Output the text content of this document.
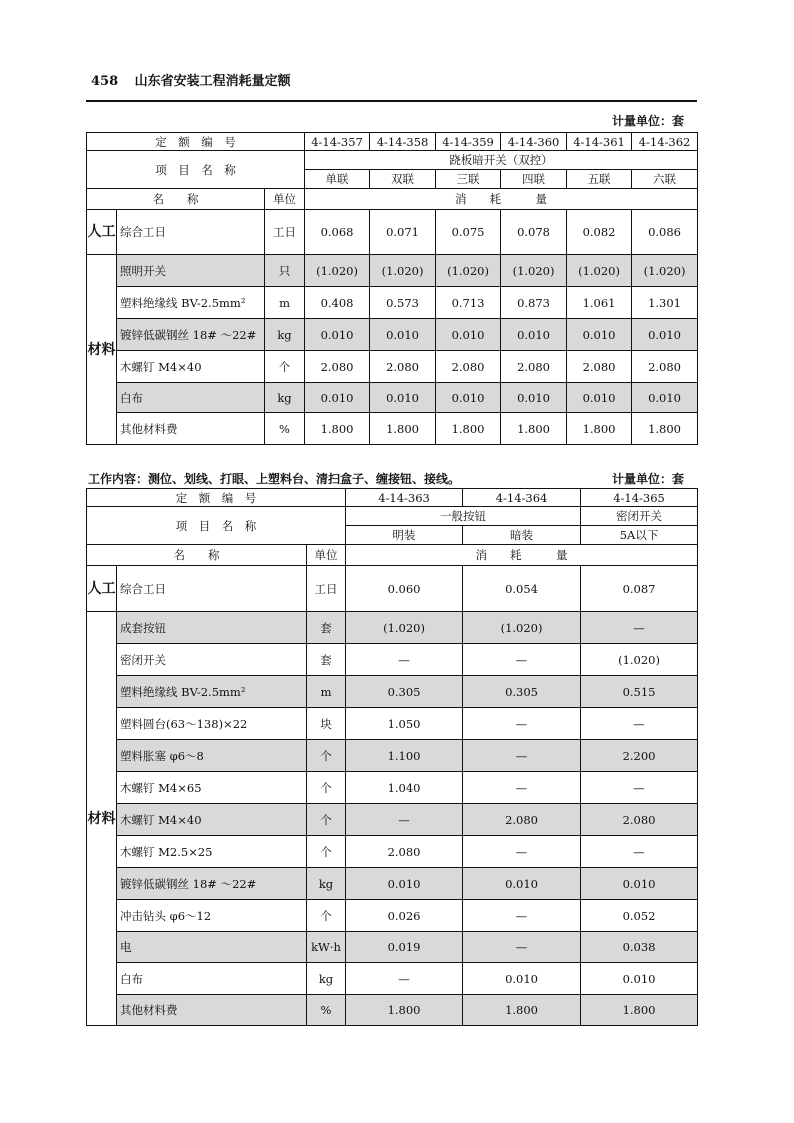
458 山东省安装工程消耗量定额
计量单位：套
定　额　编　号			4-14-357	4-14-358	4-14-359	4-14-360	4-14-361	4-14-362
项　目　名　称			跷板暗开关（双控）					
			单联	双联	三联	四联	五联	六联
名　　称		单位	消　　耗　　　量					
人工	综合工日	工日	0.068	0.071	0.075	0.078	0.082	0.086
材料	照明开关	只	(1.020)	(1.020)	(1.020)	(1.020)	(1.020)	(1.020)
	塑料绝缘线 BV-2.5mm²	m	0.408	0.573	0.713	0.873	1.061	1.301
	镀锌低碳钢丝 18# ～22#	kg	0.010	0.010	0.010	0.010	0.010	0.010
	木螺钉 M4×40	个	2.080	2.080	2.080	2.080	2.080	2.080
	白布	kg	0.010	0.010	0.010	0.010	0.010	0.010
	其他材料费	%	1.800	1.800	1.800	1.800	1.800	1.800
工作内容：测位、划线、打眼、上塑料台、清扫盒子、缠接钮、接线。	计量单位：套
定　额　编　号			4-14-363	4-14-364	4-14-365
项　目　名　称			一般按钮		密闭开关
			明装	暗装	5A以下
名　　称		单位	消　　耗　　　量		
人工	综合工日	工日	0.060	0.054	0.087
材料	成套按钮	套	(1.020)	(1.020)	—
	密闭开关	套	—	—	(1.020)
	塑料绝缘线 BV-2.5mm²	m	0.305	0.305	0.515
	塑料圆台(63～138)×22	块	1.050	—	—
	塑料胀塞 φ6～8	个	1.100	—	2.200
	木螺钉 M4×65	个	1.040	—	—
	木螺钉 M4×40	个	—	2.080	2.080
	木螺钉 M2.5×25	个	2.080	—	—
	镀锌低碳钢丝 18# ～22#	kg	0.010	0.010	0.010
	冲击钻头 φ6～12	个	0.026	—	0.052
	电	kW·h	0.019	—	0.038
	白布	kg	—	0.010	0.010
	其他材料费	%	1.800	1.800	1.800
